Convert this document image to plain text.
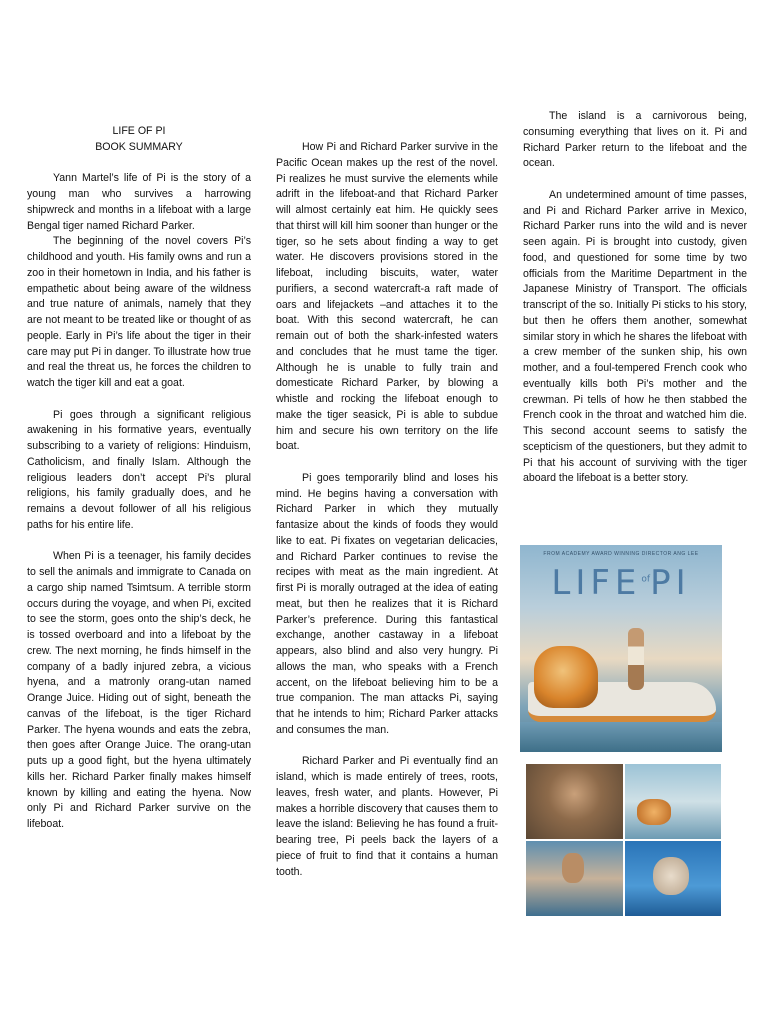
LIFE OF PI

BOOK SUMMARY

Yann Martel’s life of Pi is the story of a young man who survives a harrowing shipwreck and months in a lifeboat with a large Bengal tiger named Richard Parker.

The beginning of the novel covers Pi’s childhood and youth. His family owns and run a zoo in their hometown in India, and his father is empathetic about being aware of the wildness and true nature of animals, namely that they are not meant to be treated like or thought of as people. Early in Pi’s life about the tiger in their care may put Pi in danger. To illustrate how true and real the threat us, he forces the children to watch the tiger kill and eat a goat.

Pi goes through a significant religious awakening in his formative years, eventually subscribing to a variety of religions: Hinduism, Catholicism, and finally Islam. Although the religious leaders don’t accept Pi’s plural religions, his family gradually does, and he remains a devout follower of all his religious paths for his entire life.

When Pi is a teenager, his family decides to sell the animals and immigrate to Canada on a cargo ship named Tsimtsum. A terrible storm occurs during the voyage, and when Pi, excited to see the storm, goes onto the ship’s deck, he is tossed overboard and into a lifeboat by the crew. The next morning, he finds himself in the company of a badly injured zebra, a vicious hyena, and a matronly orang-utan named Orange Juice. Hiding out of sight, beneath the canvas of the lifeboat, is the tiger Richard Parker. The hyena wounds and eats the zebra, then goes after Orange Juice. The orang-utan puts up a good fight, but the hyena ultimately kills her. Richard Parker finally makes himself known by killing and eating the hyena. Now only Pi and Richard Parker survive on the lifeboat.

How Pi and Richard Parker survive in the Pacific Ocean makes up the rest of the novel. Pi realizes he must survive the elements while adrift in the lifeboat-and that Richard Parker will almost certainly eat him. He quickly sees that thirst will kill him sooner than hunger or the tiger, so he sets about finding a way to get water. He discovers provisions stored in the lifeboat, including biscuits, water, water purifiers, a second watercraft-a raft made of oars and lifejackets –and attaches it to the boat. With this second watercraft, he can remain out of both the shark-infested waters and concludes that he must tame the tiger. Although he is unable to fully train and domesticate Richard Parker, by blowing a whistle and rocking the lifeboat enough to make the tiger seasick, Pi is able to subdue him and secure his own territory on the life boat.

Pi goes temporarily blind and loses his mind. He begins having a conversation with Richard Parker in which they mutually fantasize about the kinds of foods they would like to eat. Pi fixates on vegetarian delicacies, and Richard Parker continues to revise the recipes with meat as the main ingredient. At first Pi is morally outraged at the idea of eating meat, but then he realizes that it is Richard Parker’s preference. During this fantastical exchange, another castaway in a lifeboat appears, also blind and also very hungry. Pi allows the man, who speaks with a French accent, on the lifeboat believing him to be a true companion. The man attacks Pi, saying that he intends to him; Richard Parker attacks and consumes the man.

Richard Parker and Pi eventually find an island, which is made entirely of trees, roots, leaves, fresh water, and plants. However, Pi makes a horrible discovery that causes them to leave the island: Believing he has found a fruit-bearing tree, Pi peels back the layers of a piece of fruit to find that it contains a human tooth.

The island is a carnivorous being, consuming everything that lives on it. Pi and Richard Parker return to the lifeboat and the ocean.

An undetermined amount of time passes, and Pi and Richard Parker arrive in Mexico, Richard Parker runs into the wild and is never seen again. Pi is brought into custody, given food, and questioned for some time by two officials from the Maritime Department in the Japanese Ministry of Transport. The officials transcript of the so. Initially Pi sticks to his story, but then he offers them another, somewhat similar story in which he shares the lifeboat with a crew member of the sunken ship, his own mother, and a foul-tempered French cook who eventually kills both Pi’s mother and the crewman. Pi tells of how he then stabbed the French cook in the throat and watched him die. This second account seems to satisfy the scepticism of the questioners, but they admit to Pi that his account of surviving with the tiger aboard the lifeboat is a better story.

FROM ACADEMY AWARD WINNING DIRECTOR ANG LEE
$LIFE^{of}PI$
